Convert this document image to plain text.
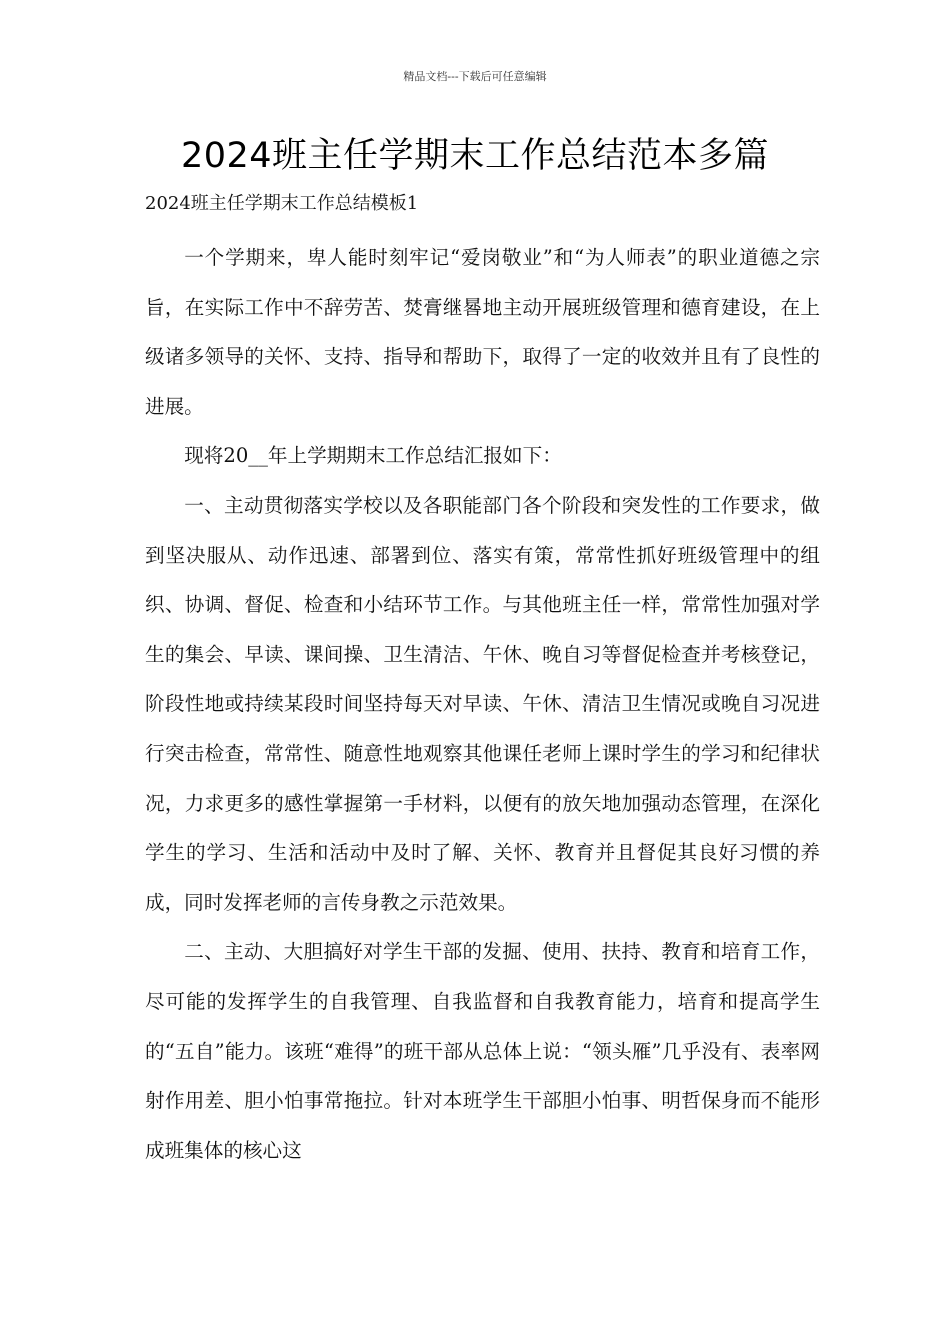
精品文档---下载后可任意编辑
2024班主任学期末工作总结范本多篇
2024班主任学期末工作总结模板1

一个学期来，卑人能时刻牢记“爱岗敬业”和“为人师表”的职业道德之宗旨，在实际工作中不辞劳苦、焚膏继晷地主动开展班级管理和德育建设，在上级诸多领导的关怀、支持、指导和帮助下，取得了一定的收效并且有了良性的进展。

现将20__年上学期期末工作总结汇报如下：

一、主动贯彻落实学校以及各职能部门各个阶段和突发性的工作要求，做到坚决服从、动作迅速、部署到位、落实有策，常常性抓好班级管理中的组织、协调、督促、检查和小结环节工作。与其他班主任一样，常常性加强对学生的集会、早读、课间操、卫生清洁、午休、晚自习等督促检查并考核登记，阶段性地或持续某段时间坚持每天对早读、午休、清洁卫生情况或晚自习况进行突击检查，常常性、随意性地观察其他课任老师上课时学生的学习和纪律状况，力求更多的感性掌握第一手材料，以便有的放矢地加强动态管理，在深化学生的学习、生活和活动中及时了解、关怀、教育并且督促其良好习惯的养成，同时发挥老师的言传身教之示范效果。

二、主动、大胆搞好对学生干部的发掘、使用、扶持、教育和培育工作，尽可能的发挥学生的自我管理、自我监督和自我教育能力，培育和提高学生的“五自”能力。该班“难得”的班干部从总体上说：“领头雁”几乎没有、表率网射作用差、胆小怕事常拖拉。针对本班学生干部胆小怕事、明哲保身而不能形成班集体的核心这
